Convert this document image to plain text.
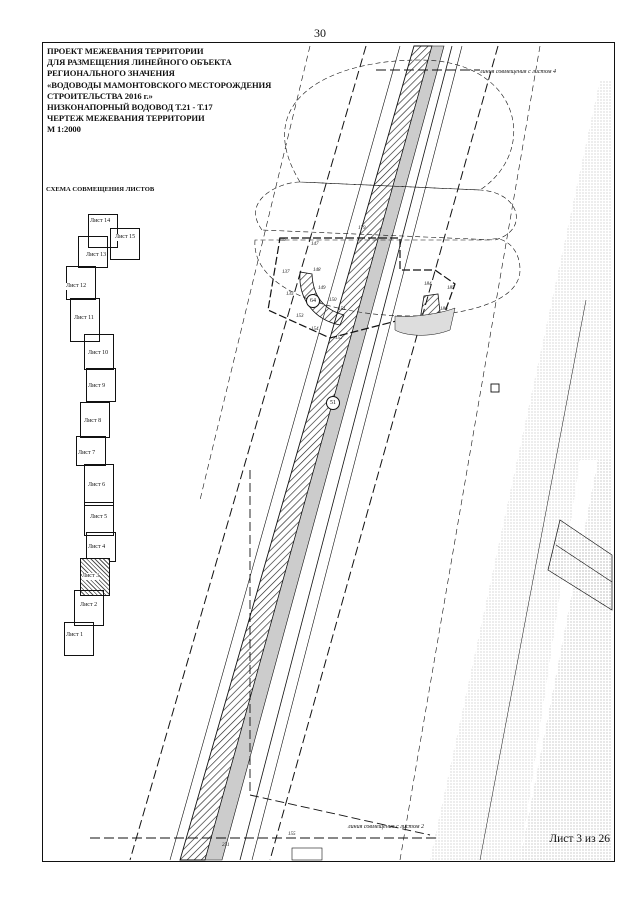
30
ПРОЕКТ МЕЖЕВАНИЯ ТЕРРИТОРИИ
ДЛЯ РАЗМЕЩЕНИЯ ЛИНЕЙНОГО ОБЪЕКТА
РЕГИОНАЛЬНОГО ЗНАЧЕНИЯ
«ВОДОВОДЫ МАМОНТОВСКОГО МЕСТОРОЖДЕНИЯ
СТРОИТЕЛЬСТВА 2016 г.»
НИЗКОНАПОРНЫЙ ВОДОВОД Т.21 - Т.17
ЧЕРТЕЖ МЕЖЕВАНИЯ ТЕРРИТОРИИ
М 1:2000
СХЕМА СОВМЕЩЕНИЯ ЛИСТОВ
Лист 14
Лист 15
Лист 13
Лист 12
Лист 11
Лист 10
Лист 9
Лист 8
Лист 7
Лист 6
Лист 5
Лист 4
Лист 3
Лист 2
Лист 1
линия совмещения с листом 4
линия совмещения с листом 2
179
146
147
148
137
149
150
151
135
153
154
184
185
186
152
155
251
64
51
Лист 3 из 26
